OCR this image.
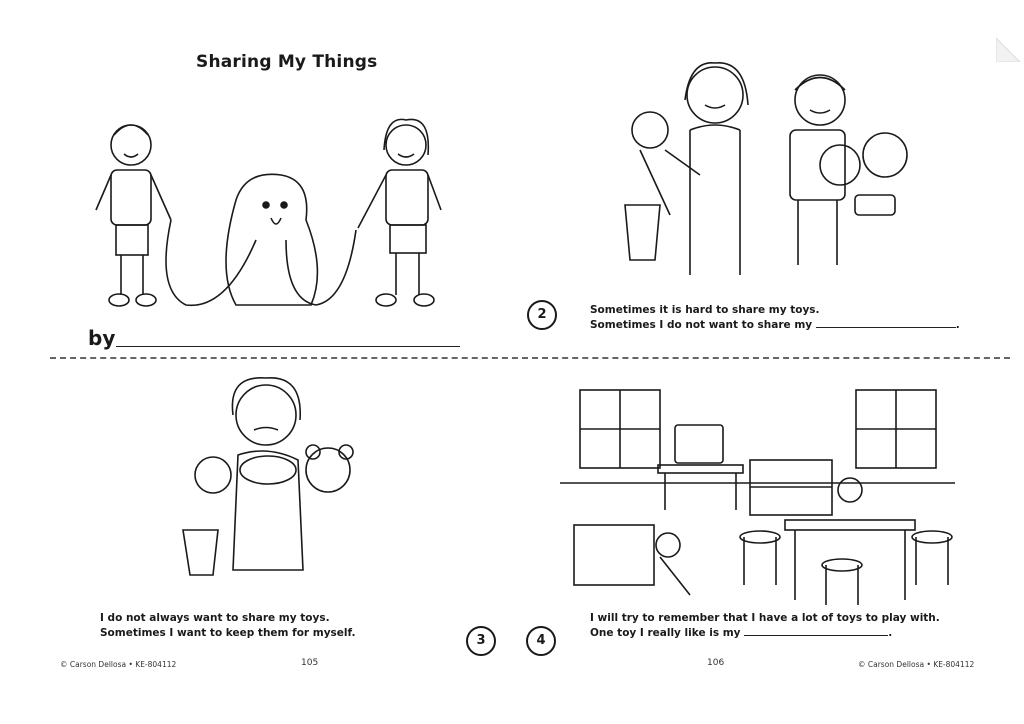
Sharing My Things
by
2	Sometimes it is hard to share my toys.
Sometimes I do not want to share my	.
I do not always want to share my toys.
Sometimes I want to keep them for myself.	3
I will try to remember that I have a lot of toys to play with.
One toy I really like is my	.
4
© Carson Dellosa • KE-804112	105	106	© Carson Dellosa • KE-804112
